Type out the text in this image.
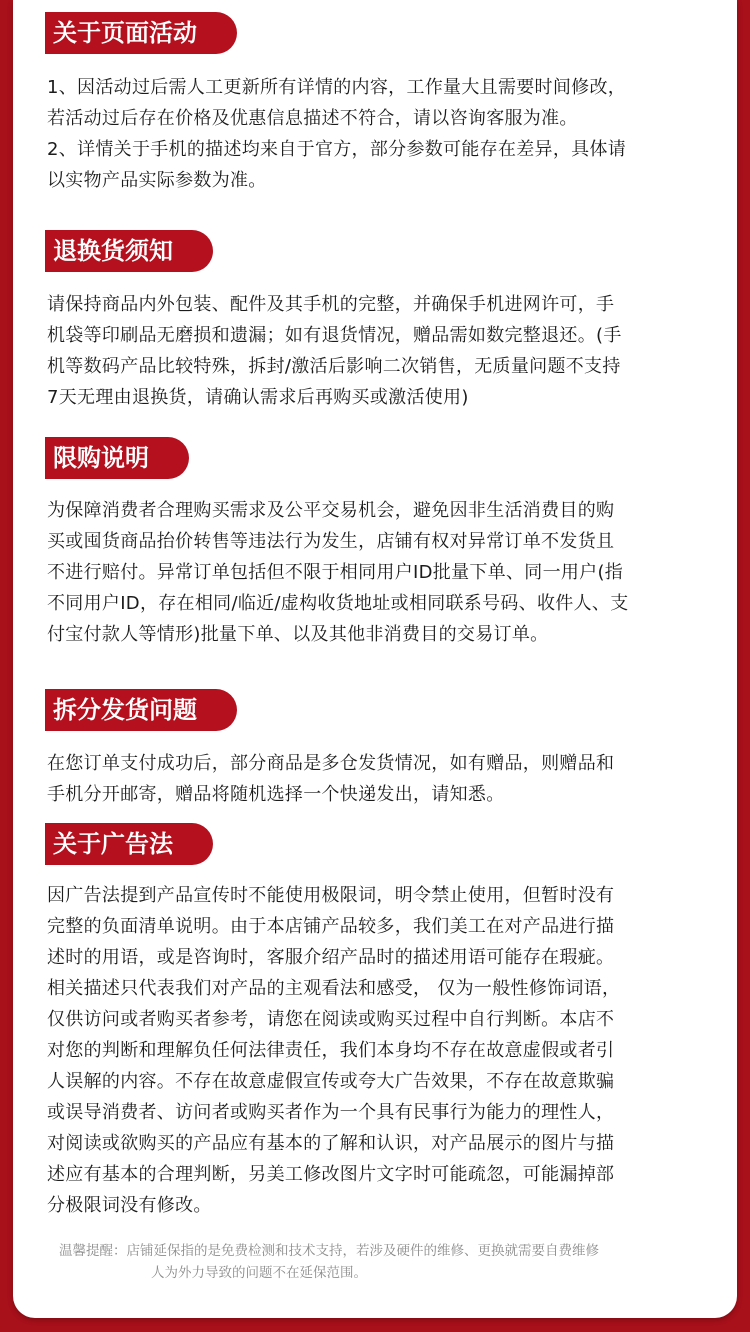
关于页面活动
1、因活动过后需人工更新所有详情的内容，工作量大且需要时间修改，
若活动过后存在价格及优惠信息描述不符合，请以咨询客服为准。
2、详情关于手机的描述均来自于官方，部分参数可能存在差异，具体请
以实物产品实际参数为准。
退换货须知
请保持商品内外包装、配件及其手机的完整，并确保手机进网许可，手
机袋等印刷品无磨损和遗漏；如有退货情况，赠品需如数完整退还。(手
机等数码产品比较特殊，拆封/激活后影响二次销售，无质量问题不支持
7天无理由退换货，请确认需求后再购买或激活使用)
限购说明
为保障消费者合理购买需求及公平交易机会，避免因非生活消费目的购
买或囤货商品抬价转售等违法行为发生，店铺有权对异常订单不发货且
不进行赔付。异常订单包括但不限于相同用户ID批量下单、同一用户(指
不同用户ID，存在相同/临近/虚构收货地址或相同联系号码、收件人、支
付宝付款人等情形)批量下单、以及其他非消费目的交易订单。
拆分发货问题
在您订单支付成功后，部分商品是多仓发货情况，如有赠品，则赠品和
手机分开邮寄，赠品将随机选择一个快递发出，请知悉。
关于广告法
因广告法提到产品宣传时不能使用极限词，明令禁止使用，但暂时没有
完整的负面清单说明。由于本店铺产品较多，我们美工在对产品进行描
述时的用语，或是咨询时，客服介绍产品时的描述用语可能存在瑕疵。
相关描述只代表我们对产品的主观看法和感受， 仅为一般性修饰词语，
仅供访问或者购买者参考，请您在阅读或购买过程中自行判断。本店不
对您的判断和理解负任何法律责任，我们本身均不存在故意虚假或者引
人误解的内容。不存在故意虚假宣传或夸大广告效果，不存在故意欺骗
或误导消费者、访问者或购买者作为一个具有民事行为能力的理性人，
对阅读或欲购买的产品应有基本的了解和认识，对产品展示的图片与描
述应有基本的合理判断，另美工修改图片文字时可能疏忽，可能漏掉部
分极限词没有修改。
温馨提醒：店铺延保指的是免费检测和技术支持，若涉及硬件的维修、更换就需要自费维修
人为外力导致的问题不在延保范围。
